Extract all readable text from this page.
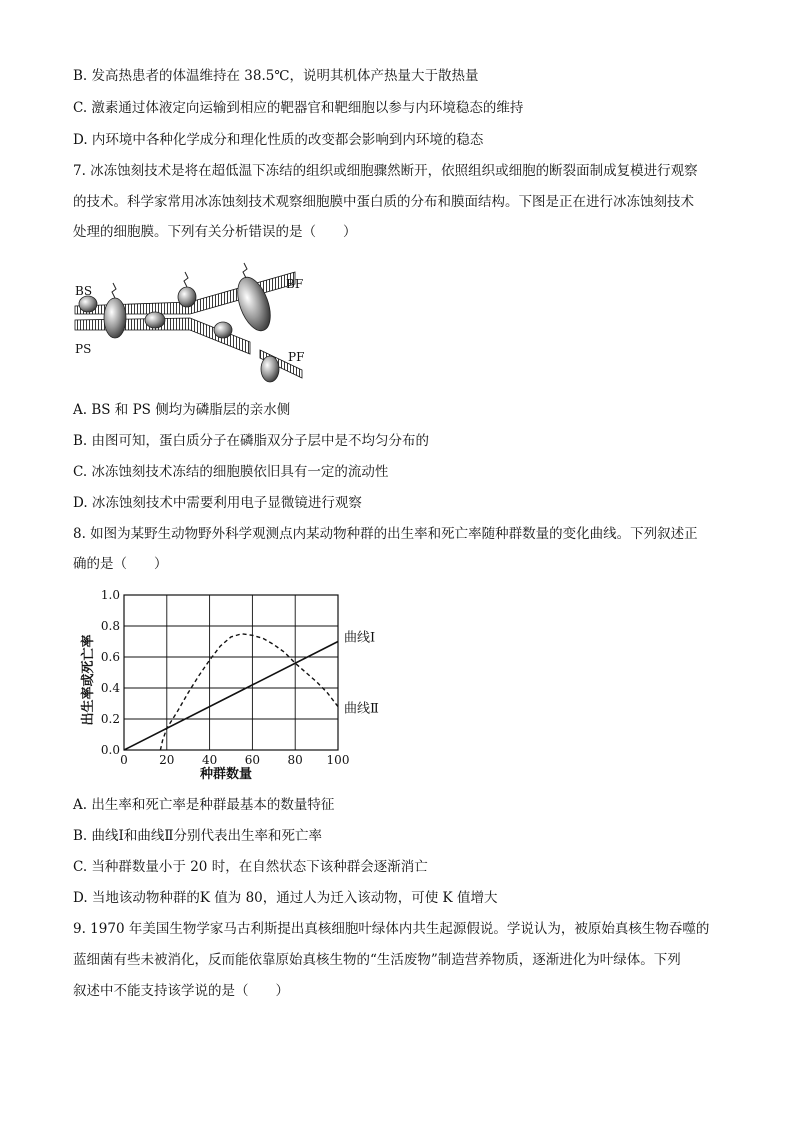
B. 发高热患者的体温维持在 38.5℃，说明其机体产热量大于散热量
C. 激素通过体液定向运输到相应的靶器官和靶细胞以参与内环境稳态的维持
D. 内环境中各种化学成分和理化性质的改变都会影响到内环境的稳态
7. 冰冻蚀刻技术是将在超低温下冻结的组织或细胞骤然断开，依照组织或细胞的断裂面制成复模进行观察
的技术。科学家常用冰冻蚀刻技术观察细胞膜中蛋白质的分布和膜面结构。下图是正在进行冰冻蚀刻技术
处理的细胞膜。下列有关分析错误的是（　　）
BS
PS
BF
PF
A. BS 和 PS 侧均为磷脂层的亲水侧
B. 由图可知，蛋白质分子在磷脂双分子层中是不均匀分布的
C. 冰冻蚀刻技术冻结的细胞膜依旧具有一定的流动性
D. 冰冻蚀刻技术中需要利用电子显微镜进行观察
8. 如图为某野生动物野外科学观测点内某动物种群的出生率和死亡率随种群数量的变化曲线。下列叙述正
确的是（　　）
0	20 40 60 80 100
0.0
0.2
0.4
0.6
0.8
1.0
出生率或死亡率
种群数量
曲线Ⅰ
曲线Ⅱ
A. 出生率和死亡率是种群最基本的数量特征
B. 曲线Ⅰ和曲线Ⅱ分别代表出生率和死亡率
C. 当种群数量小于 20 时，在自然状态下该种群会逐渐消亡
D. 当地该动物种群的K 值为 80，通过人为迁入该动物，可使 K 值增大
9. 1970 年美国生物学家马古利斯提出真核细胞叶绿体内共生起源假说。学说认为，被原始真核生物吞噬的
蓝细菌有些未被消化，反而能依靠原始真核生物的“生活废物”制造营养物质，逐渐进化为叶绿体。下列
叙述中不能支持该学说的是（　　）
